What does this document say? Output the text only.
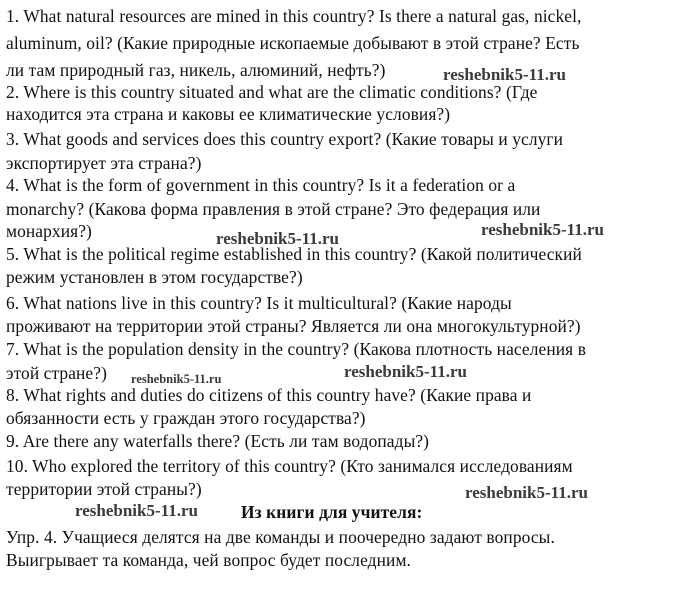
1. What natural resources are mined in this country? Is there a natural gas, nickel,
aluminum, oil? (Какие природные ископаемые добывают в этой стране? Есть
ли там природный газ, никель, алюминий, нефть?)
2. Where is this country situated and what are the climatic conditions? (Где
находится эта страна и каковы ее климатические условия?)
3. What goods and services does this country export? (Какие товары и услуги
экспортирует эта страна?)
4. What is the form of government in this country? Is it a federation or a
monarchy? (Какова форма правления в этой стране? Это федерация или
монархия?)
5. What is the political regime established in this country? (Какой политический
режим установлен в этом государстве?)
6. What nations live in this country? Is it multicultural? (Какие народы
проживают на территории этой страны? Является ли она многокультурной?)
7. What is the population density in the country? (Какова плотность населения в
этой стране?)
8. What rights and duties do citizens of this country have? (Какие права и
обязанности есть у граждан этого государства?)
9. Are there any waterfalls there? (Есть ли там водопады?)
10. Who explored the territory of this country? (Кто занимался исследованиям
территории этой страны?)
Из книги для учителя:
Упр. 4. Учащиеся делятся на две команды и поочередно задают вопросы.
Выигрывает та команда, чей вопрос будет последним.
reshebnik5-11.ru
reshebnik5-11.ru	reshebnik5-11.ru
reshebnik5-11.ru	reshebnik5-11.ru
reshebnik5-11.ru
reshebnik5-11.ru
